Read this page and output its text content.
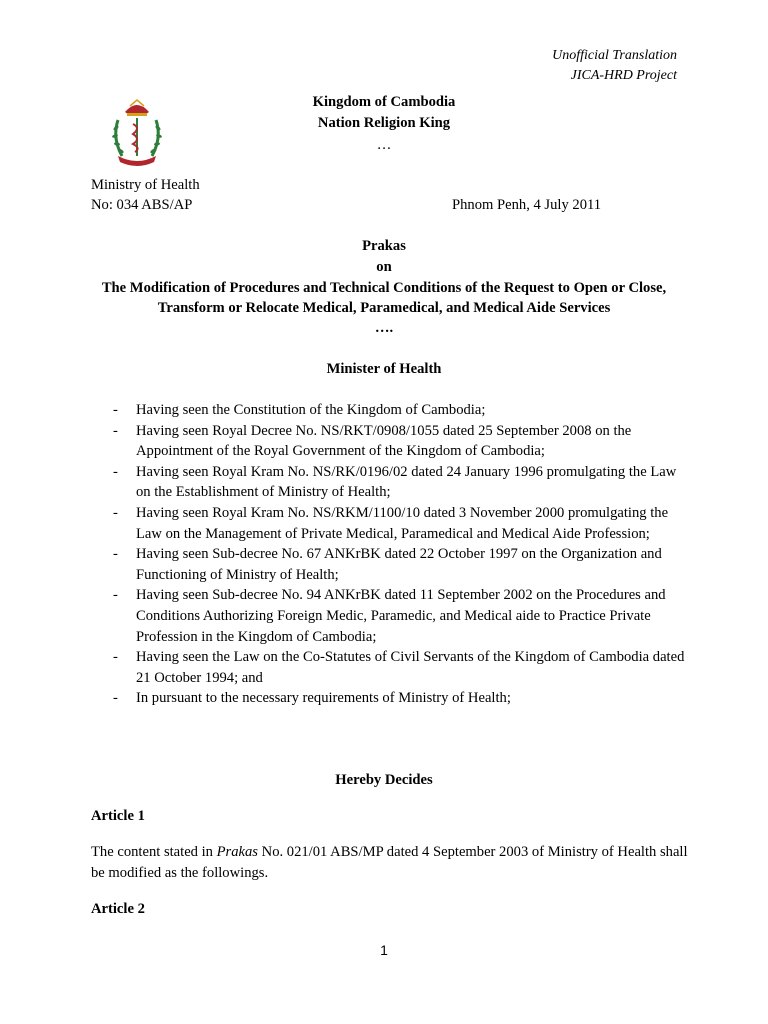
Unofficial Translation
JICA-HRD Project
Kingdom of Cambodia
Nation Religion King
…
Ministry of Health
No: 034 ABS/AP	Phnom Penh, 4 July 2011
Prakas
on
The Modification of Procedures and Technical Conditions of the Request to Open or Close,
Transform or Relocate Medical, Paramedical, and Medical Aide Services
….
Minister of Health
- Having seen the Constitution of the Kingdom of Cambodia;
- Having seen Royal Decree No. NS/RKT/0908/1055 dated 25 September 2008 on the Appointment of the Royal Government of the Kingdom of Cambodia;
- Having seen Royal Kram No. NS/RK/0196/02 dated 24 January 1996 promulgating the Law on the Establishment of Ministry of Health;
- Having seen Royal Kram No. NS/RKM/1100/10 dated 3 November 2000 promulgating the Law on the Management of Private Medical, Paramedical and Medical Aide Profession;
- Having seen Sub-decree No. 67 ANKrBK dated 22 October 1997 on the Organization and Functioning of Ministry of Health;
- Having seen Sub-decree No. 94 ANKrBK dated 11 September 2002 on the Procedures and Conditions Authorizing Foreign Medic, Paramedic, and Medical aide to Practice Private Profession in the Kingdom of Cambodia;
- Having seen the Law on the Co-Statutes of Civil Servants of the Kingdom of Cambodia dated 21 October 1994; and
- In pursuant to the necessary requirements of Ministry of Health;
Hereby Decides
Article 1
The content stated in Prakas No. 021/01 ABS/MP dated 4 September 2003 of Ministry of Health shall be modified as the followings.
Article 2
1
